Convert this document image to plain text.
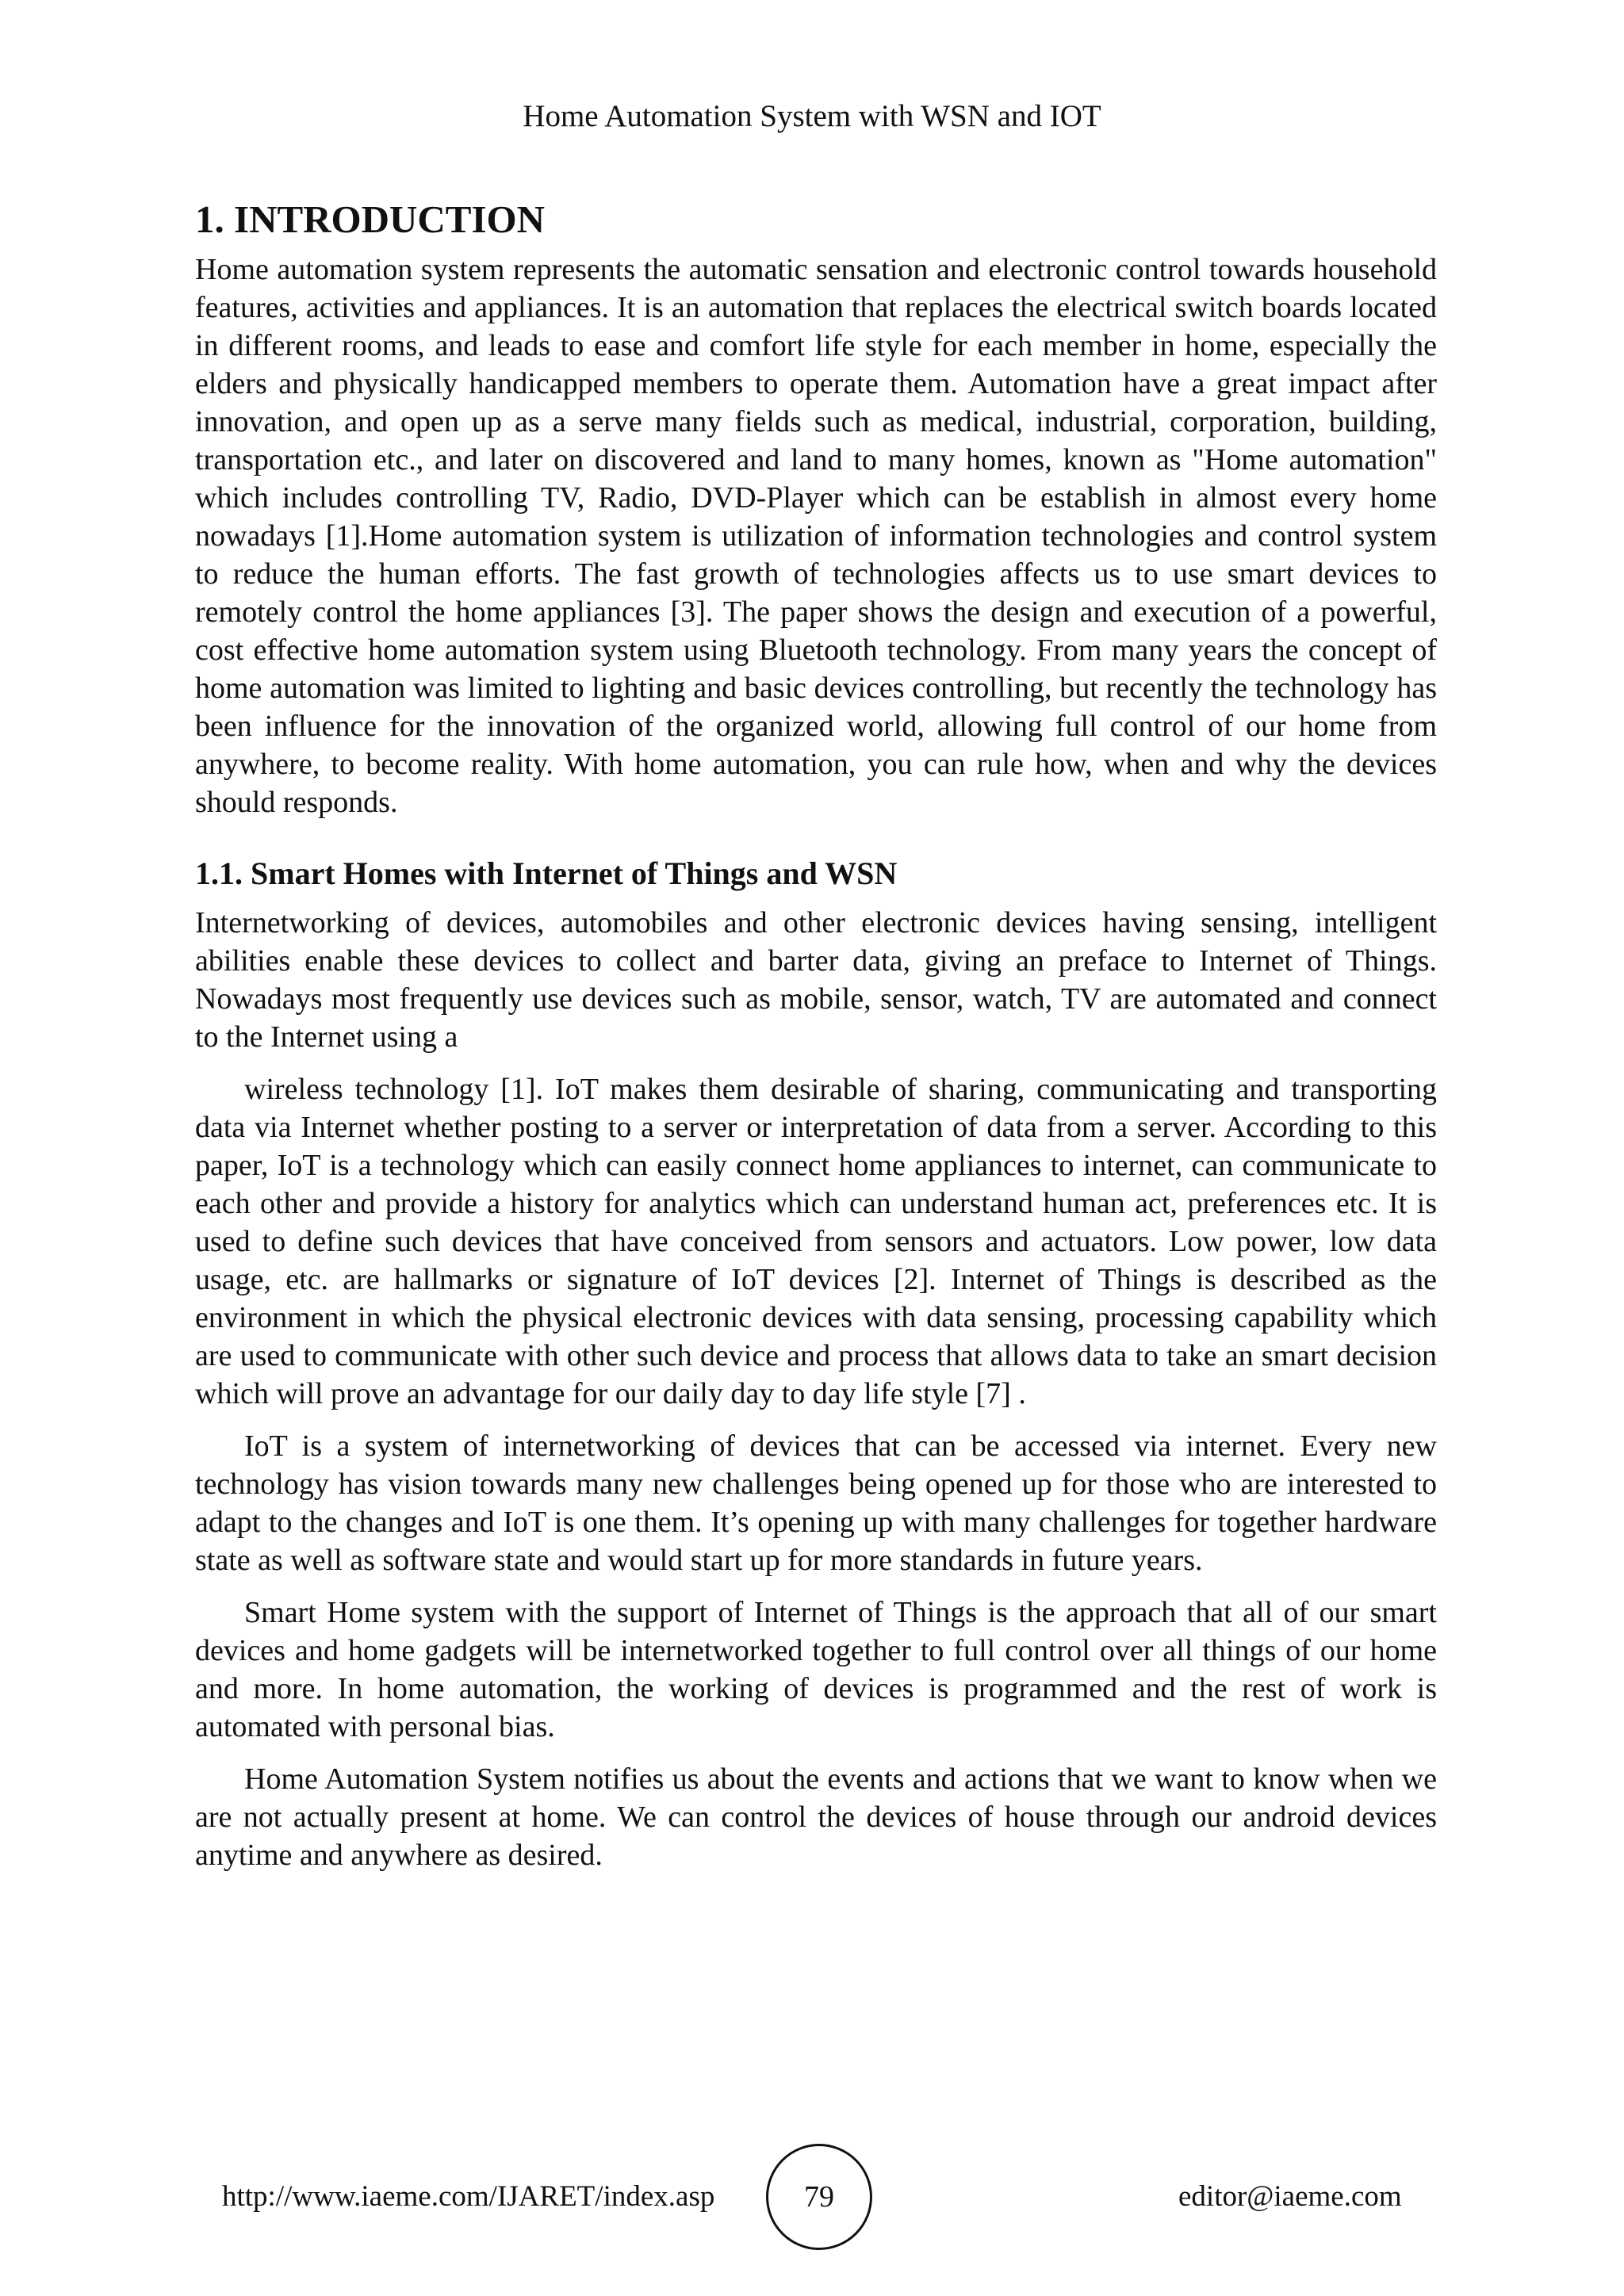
Home Automation System with WSN and IOT
1. INTRODUCTION

Home automation system represents the automatic sensation and electronic control towards household features, activities and appliances. It is an automation that replaces the electrical switch boards located in different rooms, and leads to ease and comfort life style for each member in home, especially the elders and physically handicapped members to operate them. Automation have a great impact after innovation, and open up as a serve many fields such as medical, industrial, corporation, building, transportation etc., and later on discovered and land to many homes, known as "Home automation" which includes controlling TV, Radio, DVD-Player which can be establish in almost every home nowadays [1].Home automation system is utilization of information technologies and control system to reduce the human efforts. The fast growth of technologies affects us to use smart devices to remotely control the home appliances [3]. The paper shows the design and execution of a powerful, cost effective home automation system using Bluetooth technology. From many years the concept of home automation was limited to lighting and basic devices controlling, but recently the technology has been influence for the innovation of the organized world, allowing full control of our home from anywhere, to become reality. With home automation, you can rule how, when and why the devices should responds.

1.1. Smart Homes with Internet of Things and WSN

Internetworking of devices, automobiles and other electronic devices having sensing, intelligent abilities enable these devices to collect and barter data, giving an preface to Internet of Things. Nowadays most frequently use devices such as mobile, sensor, watch, TV are automated and connect to the Internet using a

wireless technology [1]. IoT makes them desirable of sharing, communicating and transporting data via Internet whether posting to a server or interpretation of data from a server. According to this paper, IoT is a technology which can easily connect home appliances to internet, can communicate to each other and provide a history for analytics which can understand human act, preferences etc. It is used to define such devices that have conceived from sensors and actuators. Low power, low data usage, etc. are hallmarks or signature of IoT devices [2]. Internet of Things is described as the environment in which the physical electronic devices with data sensing, processing capability which are used to communicate with other such device and process that allows data to take an smart decision which will prove an advantage for our daily day to day life style [7] .

IoT is a system of internetworking of devices that can be accessed via internet. Every new technology has vision towards many new challenges being opened up for those who are interested to adapt to the changes and IoT is one them. It’s opening up with many challenges for together hardware state as well as software state and would start up for more standards in future years.

Smart Home system with the support of Internet of Things is the approach that all of our smart devices and home gadgets will be internetworked together to full control over all things of our home and more. In home automation, the working of devices is programmed and the rest of work is automated with personal bias.

Home Automation System notifies us about the events and actions that we want to know when we are not actually present at home. We can control the devices of house through our android devices anytime and anywhere as desired.

http://www.iaeme.com/IJARET/index.asp	79	editor@iaeme.com
